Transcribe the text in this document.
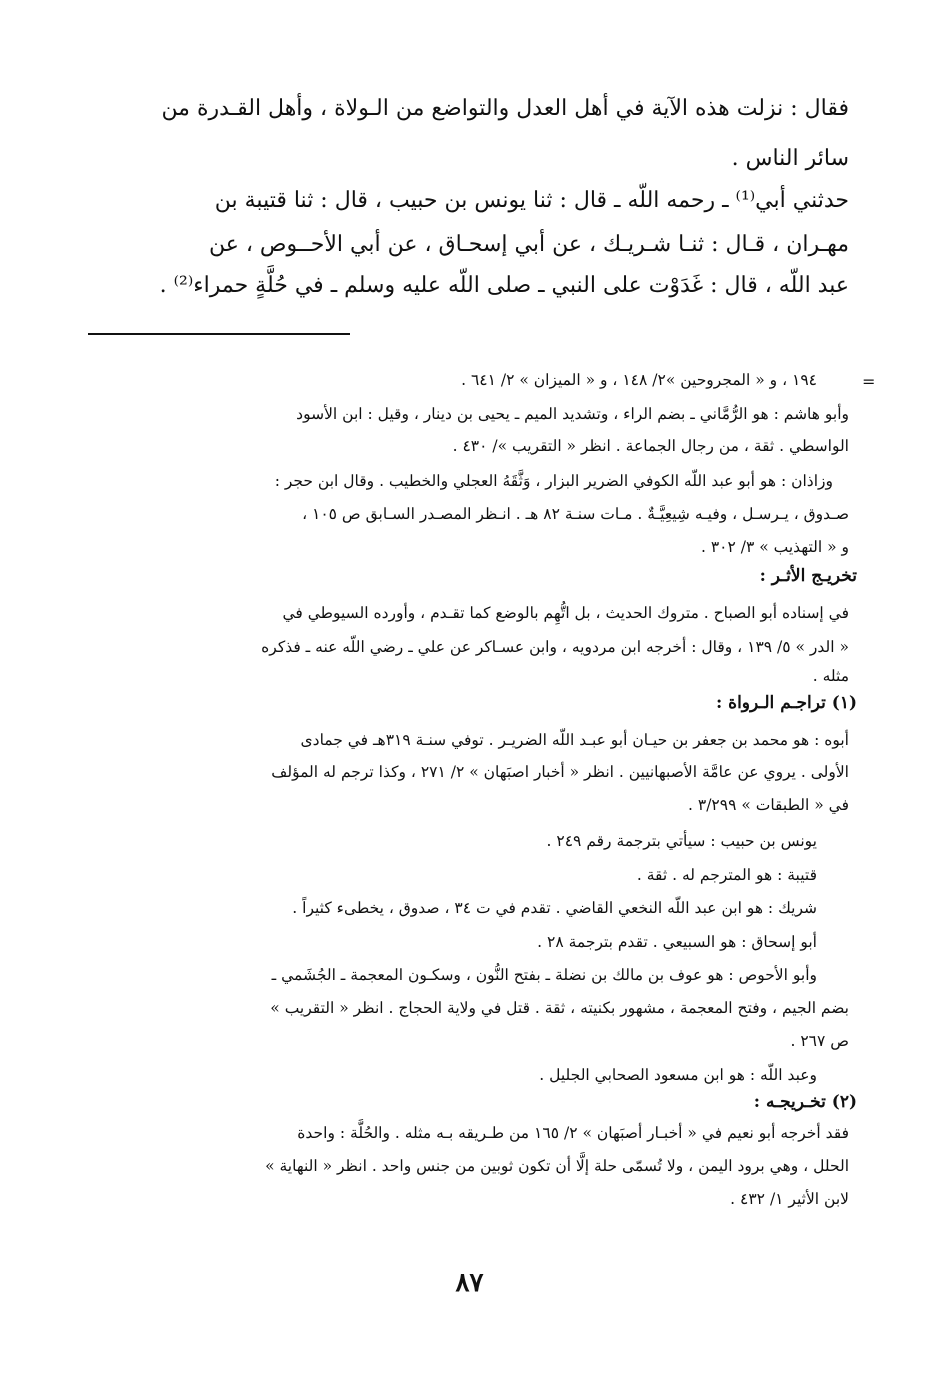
فقال : نزلت هذه الآية في أهل العدل والتواضع من الـولاة ، وأهل القـدرة من
سائر الناس .
حدثني أبي⁽¹⁾ ـ رحمه اللّه ـ قال : ثنا يونس بن حبيب ، قال : ثنا قتيبة بن
مهـران ، قـال : ثنـا شـريـك ، عن أبي إسحـاق ، عن أبي الأحــوص ، عن
عبد اللّه ، قال : غَدَوْت على النبي ـ صلى اللّه عليه وسلم ـ في حُلَّةٍ حمراء⁽²⁾ .
=
١٩٤ ، و « المجروحين »٢/ ١٤٨ ، و « الميزان » ٢/ ٦٤١ .
وأبو هاشم : هو الرُّمَّاني ـ بضم الراء ، وتشديد الميم ـ يحيى بن دينار ، وقيل : ابن الأسود
الواسطي . ثقة ، من رجال الجماعة . انظر « التقريب »/ ٤٣٠ .
وزاذان : هو أبو عبد اللّه الكوفي الضرير البزار ، وَثَّقَهُ العجلي والخطيب . وقال ابن حجر :
صـدوق ، يـرسـل ، وفيـه شِيعِيَّـةٌ . مـات سنـة ٨٢ هـ . انـظر المصـدر السـابق ص ١٠٥ ،
و « التهذيب » ٣/ ٣٠٢ .
تخريـج الأثـر :
في إسناده أبو الصباح . متروك الحديث ، بل اتُّهِم بالوضع كما تقـدم ، وأورده السيوطي في
« الدر » ٥/ ١٣٩ ، وقال : أخرجه ابن مردويه ، وابن عسـاكر عن علي ـ رضي اللّه عنه ـ فذكره
مثله .
(١) تراجـم الـرواة :
أبوه : هو محمد بن جعفر بن حيـان أبو عبـد اللّه الضريـر . توفي سنـة ٣١٩هـ في جمادى
الأولى . يروي عن عامَّة الأصبهانيين . انظر « أخبار اصبَهان » ٢/ ٢٧١ ، وكذا ترجم له المؤلف
في « الطبقات » ٣/٢٩٩ .
يونس بن حبيب : سيأتي بترجمة رقم ٢٤٩ .
قتيبة : هو المترجم له . ثقة .
شريك : هو ابن عبد اللّه النخعي القاضي . تقدم في ت ٣٤ ، صدوق ، يخطىء كثيراً .
أبو إسحاق : هو السبيعي . تقدم بترجمة ٢٨ .
وأبو الأحوص : هو عوف بن مالك بن نضلة ـ بفتح النُّون ، وسكـون المعجمة ـ الجُشَمي ـ
بضم الجيم ، وفتح المعجمة ، مشهور بكنيته ، ثقة . قتل في ولاية الحجاج . انظر « التقريب »
ص ٢٦٧ .
وعبد اللّه : هو ابن مسعود الصحابي الجليل .
(٢) تخـريجـه :
فقد أخرجه أبو نعيم في « أخبـار أصبَهان » ٢/ ١٦٥ من طـريقه بـه مثله . والحُلَّة : واحدة
الحلل ، وهي برود اليمن ، ولا تُسمّى حلة إلَّا أن تكون ثوبين من جنس واحد . انظر « النهاية »
لابن الأثير ١/ ٤٣٢ .
٨٧
